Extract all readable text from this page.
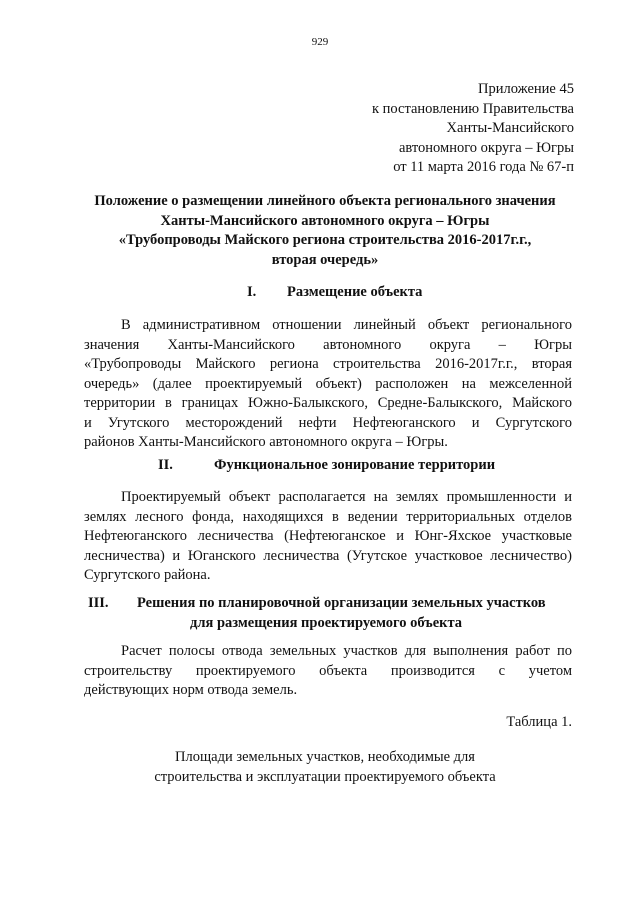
929
Приложение 45
к постановлению Правительства
Ханты-Мансийского
автономного округа – Югры
от 11 марта 2016 года № 67-п
Положение о размещении линейного объекта регионального значения
Ханты-Мансийского автономного округа – Югры
«Трубопроводы Майского региона строительства 2016-2017г.г.,
вторая очередь»
I. Размещение объекта
В административном отношении линейный объект регионального
значения Ханты-Мансийского автономного округа – Югры
«Трубопроводы Майского региона строительства 2016-2017г.г., вторая
очередь» (далее проектируемый объект) расположен на межселенной
территории в границах Южно-Балыкского, Средне-Балыкского, Майского
и Угутского месторождений нефти Нефтеюганского и Сургутского
районов Ханты-Мансийского автономного округа – Югры.
II.	Функциональное зонирование территории
Проектируемый объект располагается на землях промышленности и
землях лесного фонда, находящихся в ведении территориальных отделов
Нефтеюганского лесничества (Нефтеюганское и Юнг-Яхское участковые
лесничества) и Юганского лесничества (Угутское участковое лесничество)
Сургутского района.
III. Решения по планировочной организации земельных участков
для размещения проектируемого объекта
Расчет полосы отвода земельных участков для выполнения работ по
строительству проектируемого объекта производится с учетом
действующих норм отвода земель.
Таблица 1.
Площади земельных участков, необходимые для
строительства и эксплуатации проектируемого объекта
